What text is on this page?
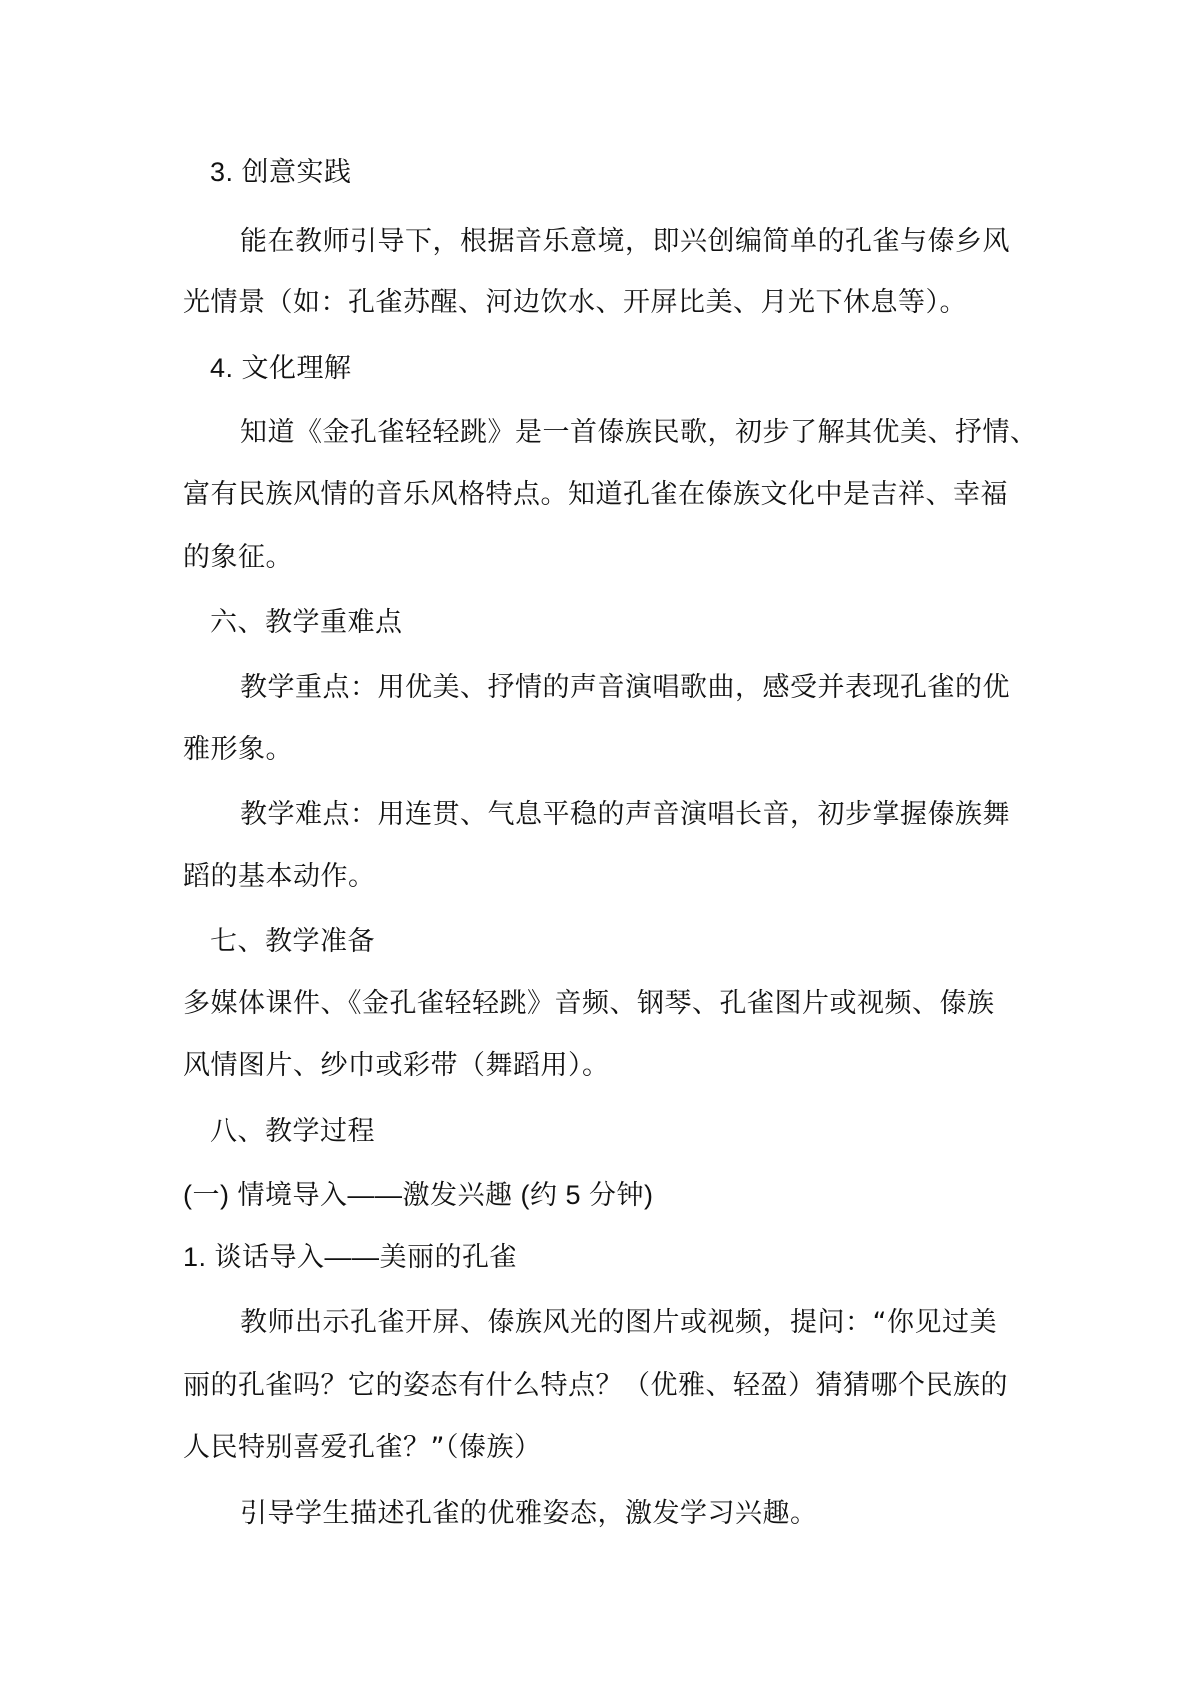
3. 创意实践
能在教师引导下，根据音乐意境，即兴创编简单的孔雀与傣乡风
光情景（如：孔雀苏醒、河边饮水、开屏比美、月光下休息等）。
4. 文化理解
知道《金孔雀轻轻跳》是一首傣族民歌，初步了解其优美、抒情、
富有民族风情的音乐风格特点。知道孔雀在傣族文化中是吉祥、幸福
的象征。
六、教学重难点
教学重点：用优美、抒情的声音演唱歌曲，感受并表现孔雀的优
雅形象。
教学难点：用连贯、气息平稳的声音演唱长音，初步掌握傣族舞
蹈的基本动作。
七、教学准备
多媒体课件、《金孔雀轻轻跳》音频、钢琴、孔雀图片或视频、傣族
风情图片、纱巾或彩带（舞蹈用）。
八、教学过程
(一) 情境导入——激发兴趣 (约 5 分钟)
1. 谈话导入——美丽的孔雀
教师出示孔雀开屏、傣族风光的图片或视频，提问：“你见过美
丽的孔雀吗？它的姿态有什么特点？（优雅、轻盈）猜猜哪个民族的
人民特别喜爱孔雀？”（傣族）
引导学生描述孔雀的优雅姿态，激发学习兴趣。
